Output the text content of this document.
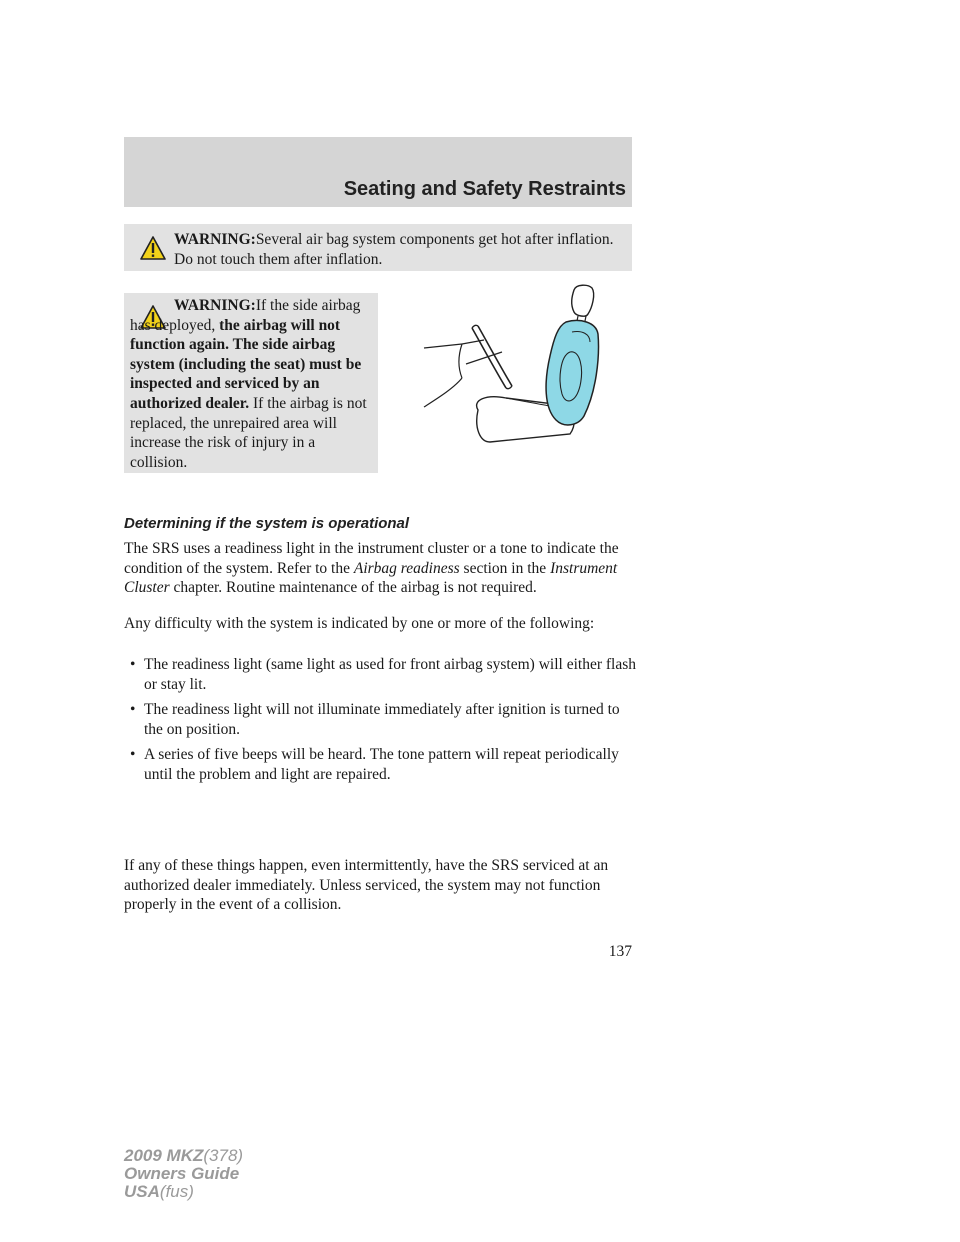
Seating and Safety Restraints
WARNING:Several air bag system components get hot after inflation. Do not touch them after inflation.
WARNING:If the side airbag has deployed, the airbag will not function again. The side airbag system (including the seat) must be inspected and serviced by an authorized dealer. If the airbag is not replaced, the unrepaired area will increase the risk of injury in a collision.
Determining if the system is operational
The SRS uses a readiness light in the instrument cluster or a tone to indicate the condition of the system. Refer to the Airbag readiness section in the Instrument Cluster chapter. Routine maintenance of the airbag is not required.
Any difficulty with the system is indicated by one or more of the following:
• The readiness light (same light as used for front airbag system) will either flash or stay lit.
• The readiness light will not illuminate immediately after ignition is turned to the on position.
• A series of five beeps will be heard. The tone pattern will repeat periodically until the problem and light are repaired.
If any of these things happen, even intermittently, have the SRS serviced at an authorized dealer immediately. Unless serviced, the system may not function properly in the event of a collision.
137
2009 MKZ(378)
Owners Guide
USA(fus)
